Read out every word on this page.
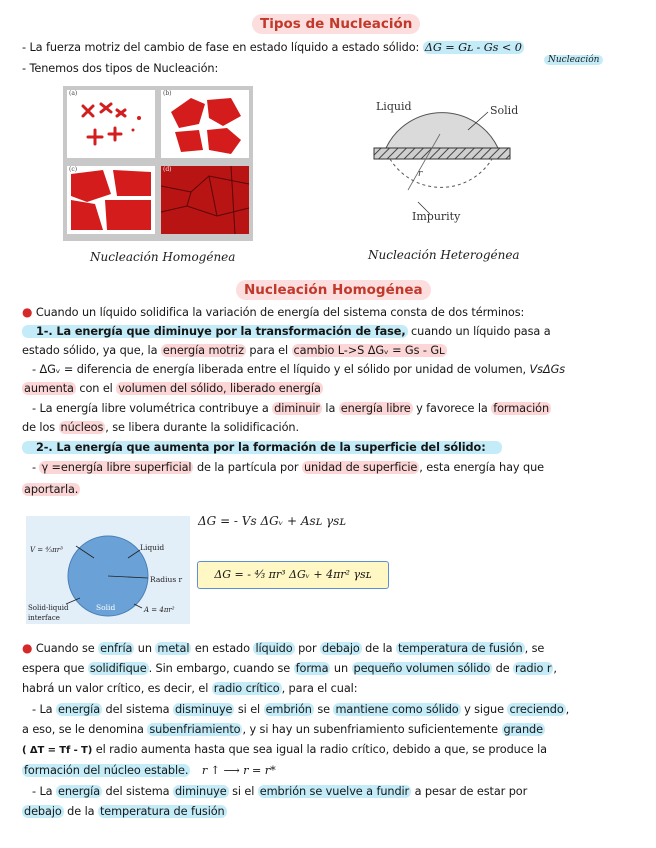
Tipos de Nucleación
- La fuerza motriz del cambio de fase en estado líquido a estado sólido: ΔG = Gʟ - Gs < 0
Nucleación
- Tenemos dos tipos de Nucleación:
(a)	(b)
(c)	(d)
Nucleación Homogénea
Liquid	Solid
Impurity
r
Nucleación Heterogénea
Nucleación Homogénea
● Cuando un líquido solidifica la variación de energía del sistema consta de dos términos:
1-. La energía que diminuye por la transformación de fase, cuando un líquido pasa a
estado sólido, ya que, la energía motriz para el cambio L->S ΔGᵥ = Gs - Gʟ
- ΔGᵥ = diferencia de energía liberada entre el líquido y el sólido por unidad de volumen, VsΔGs
aumenta con el volumen del sólido, liberado energía
- La energía libre volumétrica contribuye a diminuir la energía libre y favorece la formación
de los núcleos , se libera durante la solidificación.
2-. La energía que aumenta por la formación de la superficie del sólido:
- γ =energía libre superficial de la partícula por unidad de superficie , esta energía hay que
aportarla.
V = ⁴⁄₃πr³	Liquid
Radius r
Solid	A = 4πr²
Solid-liquid
interface
ΔG = - Vs ΔGᵥ + Asʟ γsʟ
ΔG = - ⁴⁄₃ πr³ ΔGᵥ + 4πr² γsʟ
● Cuando se enfría un metal en estado líquido por debajo de la temperatura de fusión , se
espera que solidifique . Sin embargo, cuando se forma un pequeño volumen sólido de radio r ,
habrá un valor crítico, es decir, el radio crítico , para el cual:
- La energía del sistema disminuye si el embrión se mantiene como sólido y sigue creciendo ,
a eso, se le denomina subenfriamiento , y si hay un subenfriamiento suficientemente grande
( ΔT = Tf - T) el radio aumenta hasta que sea igual la radio crítico, debido a que, se produce la
formación del núcleo estable. r ↑ ⟶ r = r*
- La energía del sistema diminuye si el embrión se vuelve a fundir a pesar de estar por
debajo de la temperatura de fusión
